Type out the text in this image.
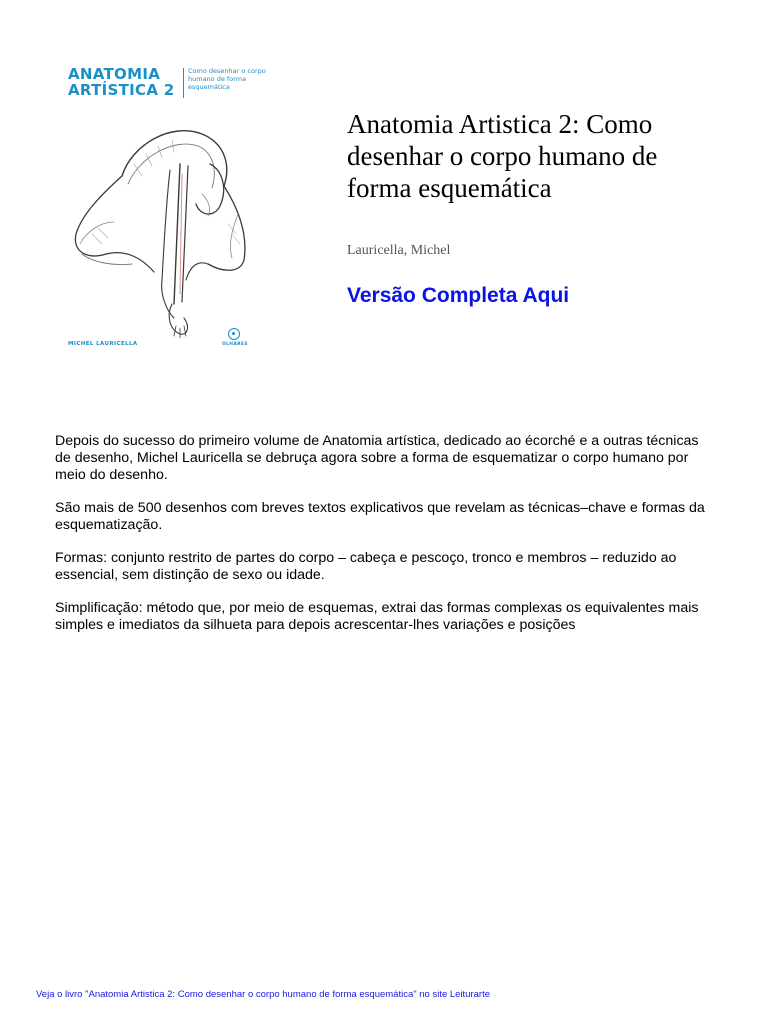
ANATOMIA
ARTÍSTICA 2
Como desenhar o corpo humano de forma esquemática
MICHEL LAURICELLA	OLHARES
Anatomia Artistica 2: Como desenhar o corpo humano de forma esquemática
Lauricella, Michel
Versão Completa Aqui

Depois do sucesso do primeiro volume de Anatomia artística, dedicado ao écorché e a outras técnicas de desenho, Michel Lauricella se debruça agora sobre a forma de esquematizar o corpo humano por meio do desenho.

São mais de 500 desenhos com breves textos explicativos que revelam as técnicas–chave e formas da esquematização.

Formas: conjunto restrito de partes do corpo – cabeça e pescoço, tronco e membros – reduzido ao essencial, sem distinção de sexo ou idade.

Simplificação: método que, por meio de esquemas, extrai das formas complexas os equivalentes mais simples e imediatos da silhueta para depois acrescentar-lhes variações e posições

Veja o livro "Anatomia Artistica 2: Como desenhar o corpo humano de forma esquemática" no site Leiturarte
